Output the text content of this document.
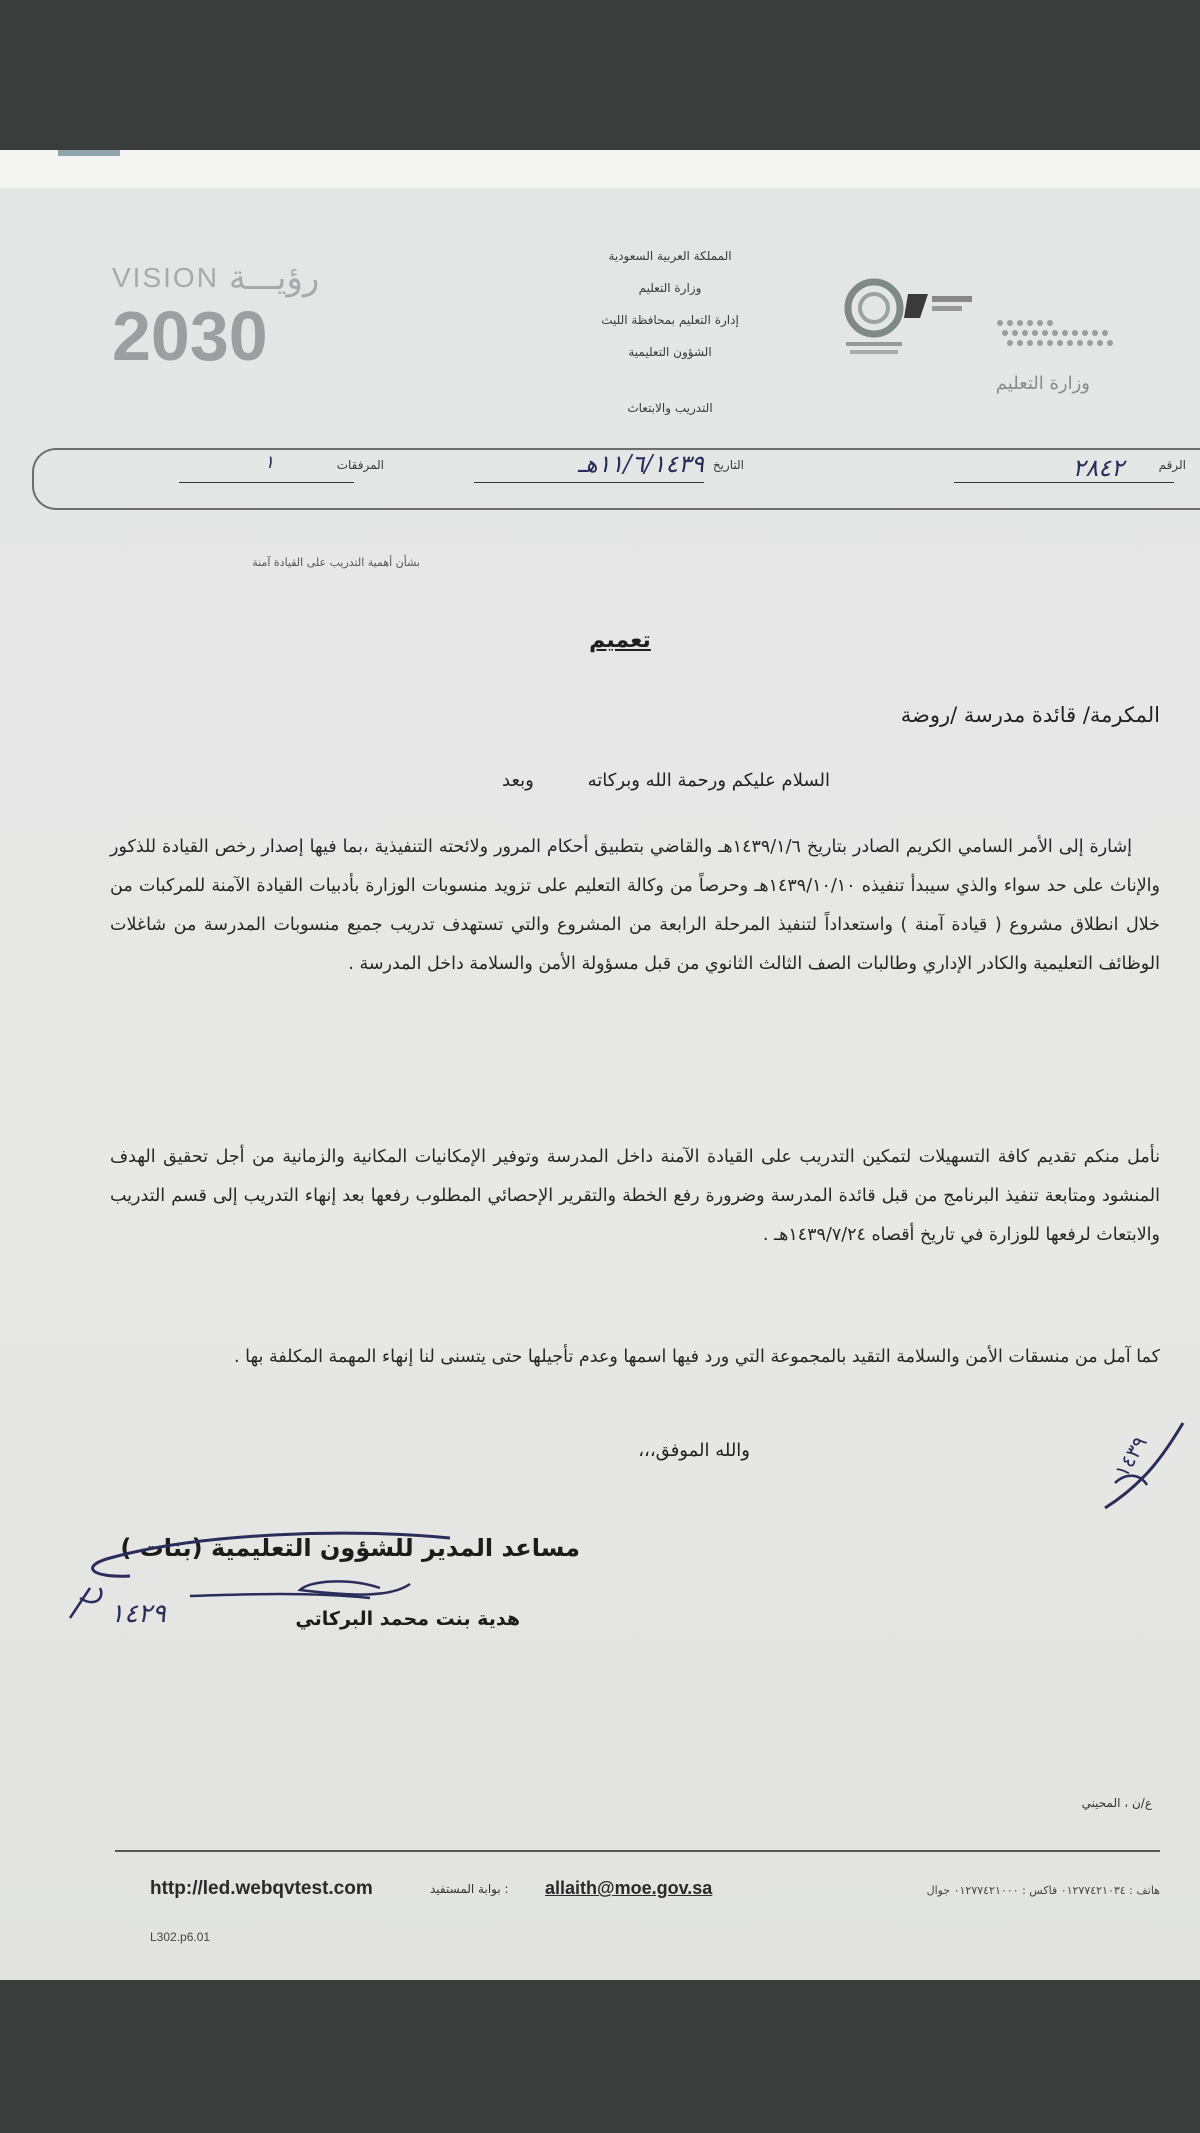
VISION رؤيـــة
2030
المملكة العربية السعودية
وزارة التعليم
إدارة التعليم بمحافظة الليث
الشؤون التعليمية
التدريب والابتعاث
وزارة التعليم
الرقم
٢٨٤٢
التاريخ
١١/٦/١٤٣٩هـ
المرفقات
١
بشأن أهمية التدريب على القيادة آمنة
تعميم
المكرمة/ قائدة مدرسة /روضة
السلام عليكم ورحمة الله وبركاته وبعد
إشارة إلى الأمر السامي الكريم الصادر بتاريخ ١٤٣٩/١/٦هـ والقاضي بتطبيق أحكام المرور ولائحته التنفيذية ،بما فيها إصدار رخص القيادة للذكور والإناث على حد سواء والذي سيبدأ تنفيذه ١٤٣٩/١٠/١٠هـ وحرصاً من وكالة التعليم على تزويد منسوبات الوزارة بأدبيات القيادة الآمنة للمركبات من خلال انطلاق مشروع ( قيادة آمنة ) واستعداداً لتنفيذ المرحلة الرابعة من المشروع والتي تستهدف تدريب جميع منسوبات المدرسة من شاغلات الوظائف التعليمية والكادر الإداري وطالبات الصف الثالث الثانوي من قبل مسؤولة الأمن والسلامة داخل المدرسة .
نأمل منكم تقديم كافة التسهيلات لتمكين التدريب على القيادة الآمنة داخل المدرسة وتوفير الإمكانيات المكانية والزمانية من أجل تحقيق الهدف المنشود ومتابعة تنفيذ البرنامج من قبل قائدة المدرسة وضرورة رفع الخطة والتقرير الإحصائي المطلوب رفعها بعد إنهاء التدريب إلى قسم التدريب والابتعاث لرفعها للوزارة في تاريخ أقصاه ١٤٣٩/٧/٢٤هـ .
كما آمل من منسقات الأمن والسلامة التقيد بالمجموعة التي ورد فيها اسمها وعدم تأجيلها حتى يتسنى لنا إنهاء المهمة المكلفة بها .
والله الموفق،،،	١٤٣٩
مساعد المدير للشؤون التعليمية (بنات )
هدية بنت محمد البركاتي
١٤٢٩
ع/ن ، المحيني
http://led.webqvtest.com	: بوابة المستفيد allaith@moe.gov.sa	هاتف : ٠١٢٧٧٤٢١٠٣٤ فاكس : ٠١٢٧٧٤٢١٠٠٠ جوال
L302.p6.01
